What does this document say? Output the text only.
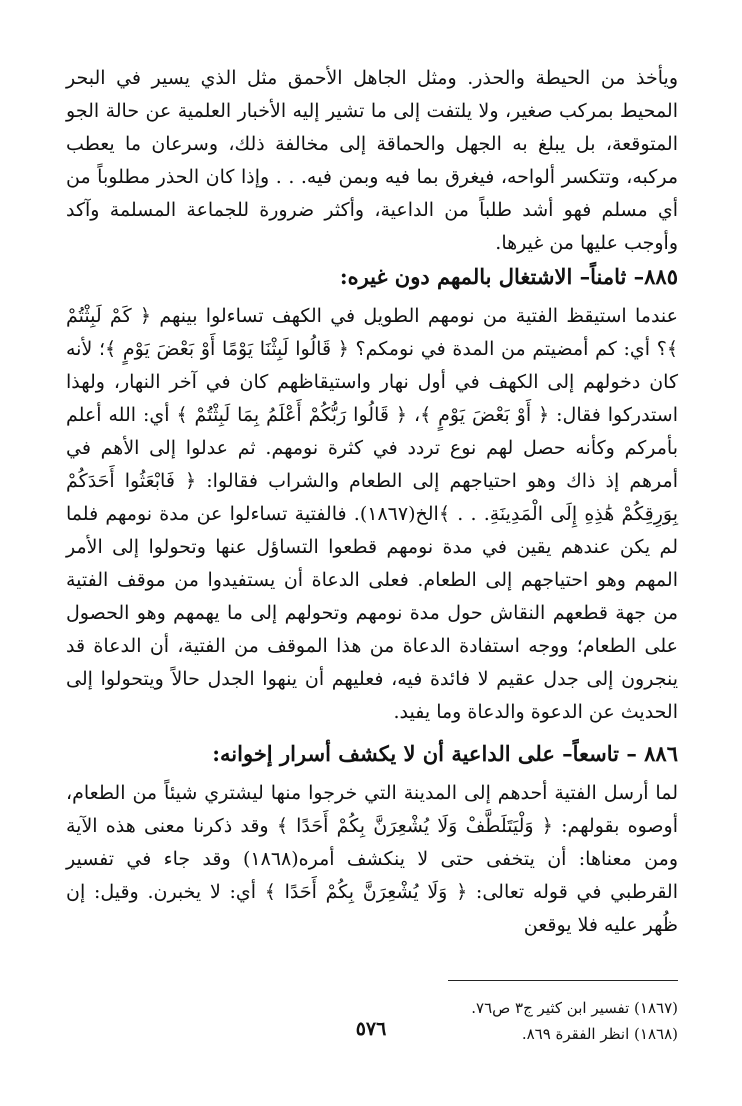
ويأخذ من الحيطة والحذر. ومثل الجاهل الأحمق مثل الذي يسير في البحر المحيط بمركب صغير، ولا يلتفت إلى ما تشير إليه الأخبار العلمية عن حالة الجو المتوقعة، بل يبلغ به الجهل والحماقة إلى مخالفة ذلك، وسرعان ما يعطب مركبه، وتتكسر ألواحه، فيغرق بما فيه وبمن فيه. . . وإذا كان الحذر مطلوباً من أي مسلم فهو أشد طلباً من الداعية، وأكثر ضرورة للجماعة المسلمة وآكد وأوجب عليها من غيرها.

٨٨٥– ثامناً– الاشتغال بالمهم دون غيره:

عندما استيقظ الفتية من نومهم الطويل في الكهف تساءلوا بينهم ﴿ كَمْ لَبِثْتُمْ ﴾؟ أي: كم أمضيتم من المدة في نومكم؟ ﴿ قَالُوا لَبِثْنَا يَوْمًا أَوْ بَعْضَ يَوْمٍ ﴾؛ لأنه كان دخولهم إلى الكهف في أول نهار واستيقاظهم كان في آخر النهار، ولهذا استدركوا فقال: ﴿ أَوْ بَعْضَ يَوْمٍ ﴾، ﴿ قَالُوا رَبُّكُمْ أَعْلَمُ بِمَا لَبِثْتُمْ ﴾ أي: الله أعلم بأمركم وكأنه حصل لهم نوع تردد في كثرة نومهم. ثم عدلوا إلى الأهم في أمرهم إذ ذاك وهو احتياجهم إلى الطعام والشراب فقالوا: ﴿ فَابْعَثُوا أَحَدَكُمْ بِوَرِقِكُمْ هَٰذِهِ إِلَى الْمَدِينَةِ. . . ﴾الخ(١٨٦٧). فالفتية تساءلوا عن مدة نومهم فلما لم يكن عندهم يقين في مدة نومهم قطعوا التساؤل عنها وتحولوا إلى الأمر المهم وهو احتياجهم إلى الطعام. فعلى الدعاة أن يستفيدوا من موقف الفتية من جهة قطعهم النقاش حول مدة نومهم وتحولهم إلى ما يهمهم وهو الحصول على الطعام؛ ووجه استفادة الدعاة من هذا الموقف من الفتية، أن الدعاة قد ينجرون إلى جدل عقيم لا فائدة فيه، فعليهم أن ينهوا الجدل حالاً ويتحولوا إلى الحديث عن الدعوة والدعاة وما يفيد.

٨٨٦ – تاسعاً– على الداعية أن لا يكشف أسرار إخوانه:

لما أرسل الفتية أحدهم إلى المدينة التي خرجوا منها ليشتري شيئاً من الطعام، أوصوه بقولهم: ﴿ وَلْيَتَلَطَّفْ وَلَا يُشْعِرَنَّ بِكُمْ أَحَدًا ﴾ وقد ذكرنا معنى هذه الآية ومن معناها: أن يتخفى حتى لا ينكشف أمره(١٨٦٨) وقد جاء في تفسير القرطبي في قوله تعالى: ﴿ وَلَا يُشْعِرَنَّ بِكُمْ أَحَدًا ﴾ أي: لا يخبرن. وقيل: إن ظُهر عليه فلا يوقعن

(١٨٦٧) تفسير ابن كثير ج٣ ص٧٦.

(١٨٦٨) انظر الفقرة ٨٦٩.

٥٧٦
